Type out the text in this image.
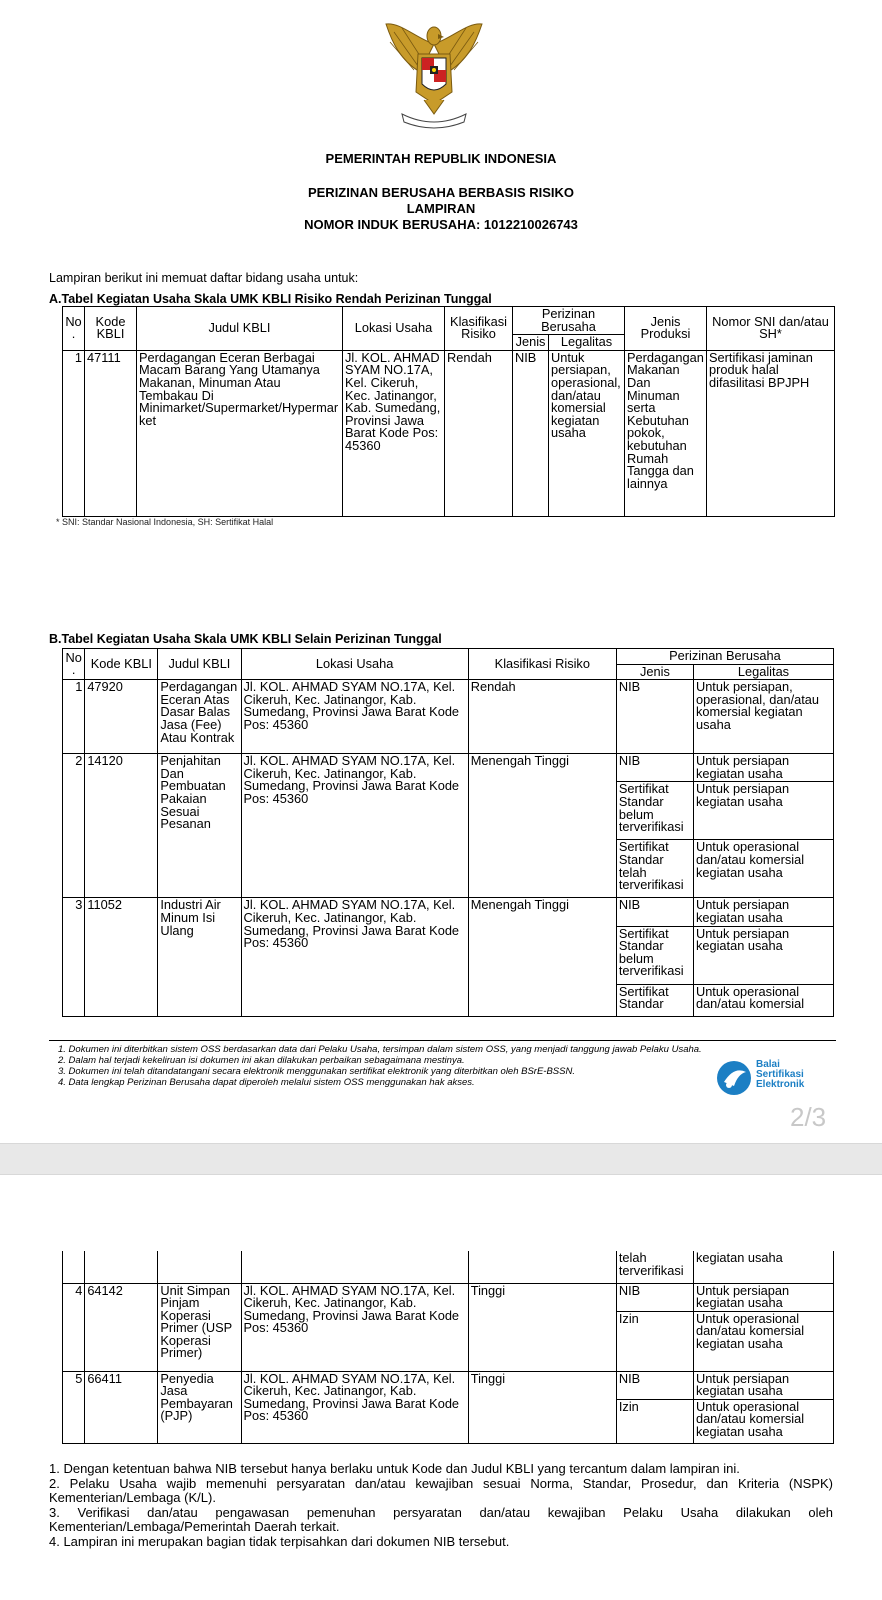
PEMERINTAH REPUBLIK INDONESIA
PERIZINAN BERUSAHA BERBASIS RISIKO
LAMPIRAN
NOMOR INDUK BERUSAHA: 1012210026743
Lampiran berikut ini memuat daftar bidang usaha untuk:
A.Tabel Kegiatan Usaha Skala UMK KBLI Risiko Rendah Perizinan Tunggal
No.	Kode KBLI	Judul KBLI	Lokasi Usaha	Klasifikasi Risiko	Perizinan Berusaha		Jenis Produksi	Nomor SNI dan/atau SH*
					Jenis	Legalitas		
1	47111	Perdagangan Eceran Berbagai Macam Barang Yang Utamanya Makanan, Minuman Atau Tembakau Di Minimarket/Supermarket/Hypermarket	Jl. KOL. AHMAD SYAM NO.17A, Kel. Cikeruh, Kec. Jatinangor, Kab. Sumedang, Provinsi Jawa Barat Kode Pos: 45360	Rendah	NIB	Untuk persiapan, operasional, dan/atau komersial kegiatan usaha	Perdagangan Makanan Dan Minuman serta Kebutuhan pokok, kebutuhan Rumah Tangga dan lainnya	Sertifikasi jaminan produk halal difasilitasi BPJPH
* SNI: Standar Nasional Indonesia, SH: Sertifikat Halal
B.Tabel Kegiatan Usaha Skala UMK KBLI Selain Perizinan Tunggal
No.	Kode KBLI	Judul KBLI	Lokasi Usaha	Klasifikasi Risiko	Perizinan Berusaha	
					Jenis	Legalitas
1	47920	Perdagangan Eceran Atas Dasar Balas Jasa (Fee) Atau Kontrak	Jl. KOL. AHMAD SYAM NO.17A, Kel. Cikeruh, Kec. Jatinangor, Kab. Sumedang, Provinsi Jawa Barat Kode Pos: 45360	Rendah	NIB	Untuk persiapan, operasional, dan/atau komersial kegiatan usaha
2	14120	Penjahitan Dan Pembuatan Pakaian Sesuai Pesanan	Jl. KOL. AHMAD SYAM NO.17A, Kel. Cikeruh, Kec. Jatinangor, Kab. Sumedang, Provinsi Jawa Barat Kode Pos: 45360	Menengah Tinggi	NIB	Untuk persiapan kegiatan usaha
					Sertifikat Standar belum terverifikasi	Untuk persiapan kegiatan usaha
					Sertifikat Standar telah terverifikasi	Untuk operasional dan/atau komersial kegiatan usaha
3	11052	Industri Air Minum Isi Ulang	Jl. KOL. AHMAD SYAM NO.17A, Kel. Cikeruh, Kec. Jatinangor, Kab. Sumedang, Provinsi Jawa Barat Kode Pos: 45360	Menengah Tinggi	NIB	Untuk persiapan kegiatan usaha
					Sertifikat Standar belum terverifikasi	Untuk persiapan kegiatan usaha
					Sertifikat Standar	Untuk operasional dan/atau komersial
1. Dokumen ini diterbitkan sistem OSS berdasarkan data dari Pelaku Usaha, tersimpan dalam sistem OSS, yang menjadi tanggung jawab Pelaku Usaha.
2. Dalam hal terjadi kekeliruan isi dokumen ini akan dilakukan perbaikan sebagaimana mestinya.
3. Dokumen ini telah ditandatangani secara elektronik menggunakan sertifikat elektronik yang diterbitkan oleh BSrE-BSSN.
4. Data lengkap Perizinan Berusaha dapat diperoleh melalui sistem OSS menggunakan hak akses.
Balai
Sertifikasi
Elektronik
2/3
					telah terverifikasi	kegiatan usaha
4	64142	Unit Simpan Pinjam Koperasi Primer (USP Koperasi Primer)	Jl. KOL. AHMAD SYAM NO.17A, Kel. Cikeruh, Kec. Jatinangor, Kab. Sumedang, Provinsi Jawa Barat Kode Pos: 45360	Tinggi	NIB	Untuk persiapan kegiatan usaha
					Izin	Untuk operasional dan/atau komersial kegiatan usaha
5	66411	Penyedia Jasa Pembayaran (PJP)	Jl. KOL. AHMAD SYAM NO.17A, Kel. Cikeruh, Kec. Jatinangor, Kab. Sumedang, Provinsi Jawa Barat Kode Pos: 45360	Tinggi	NIB	Untuk persiapan kegiatan usaha
					Izin	Untuk operasional dan/atau komersial kegiatan usaha
1. Dengan ketentuan bahwa NIB tersebut hanya berlaku untuk Kode dan Judul KBLI yang tercantum dalam lampiran ini.
2. Pelaku Usaha wajib memenuhi persyaratan dan/atau kewajiban sesuai Norma, Standar, Prosedur, dan Kriteria (NSPK) Kementerian/Lembaga (K/L).
3. Verifikasi dan/atau pengawasan pemenuhan persyaratan dan/atau kewajiban Pelaku Usaha dilakukan oleh Kementerian/Lembaga/Pemerintah Daerah terkait.
4. Lampiran ini merupakan bagian tidak terpisahkan dari dokumen NIB tersebut.
